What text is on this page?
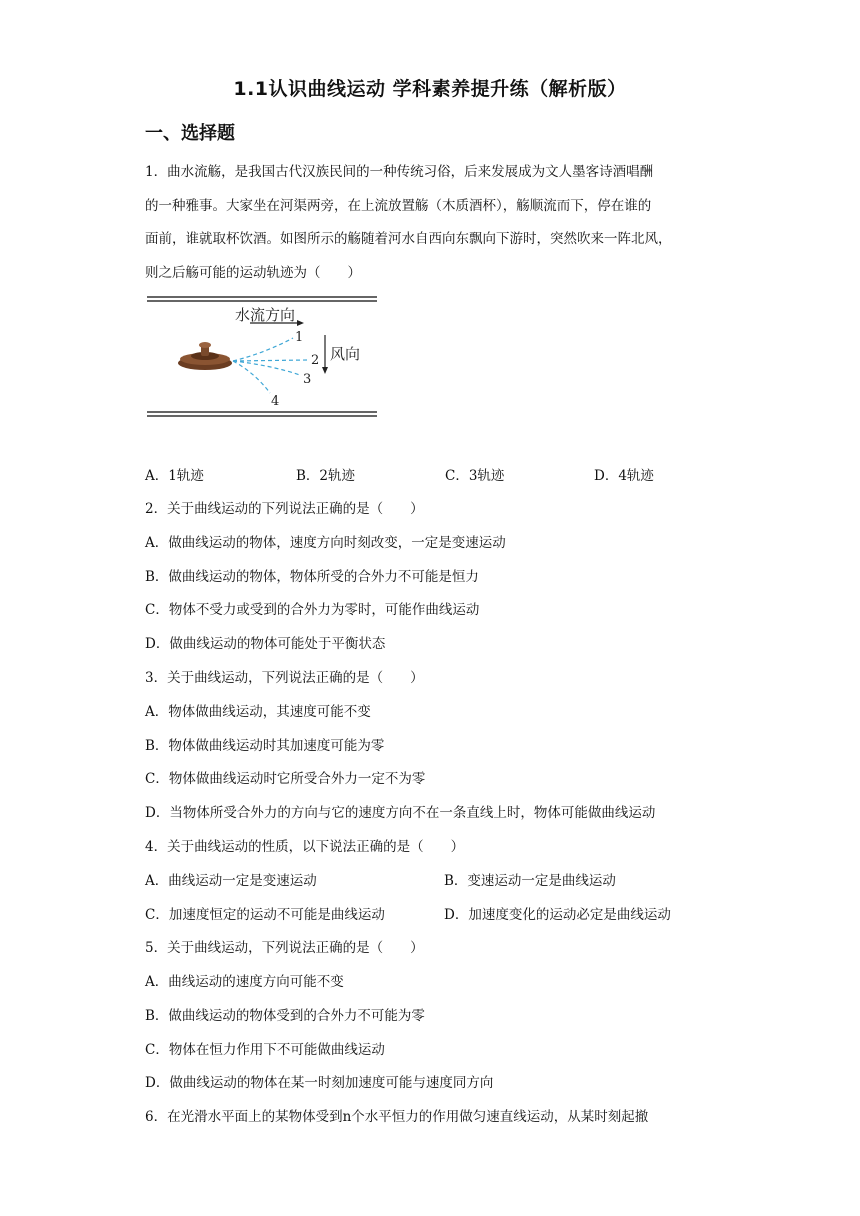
1.1认识曲线运动 学科素养提升练（解析版）
一、选择题
1．曲水流觞，是我国古代汉族民间的一种传统习俗，后来发展成为文人墨客诗酒唱酬
的一种雅事。大家坐在河渠两旁，在上流放置觞（木质酒杯），觞顺流而下，停在谁的
面前，谁就取杯饮酒。如图所示的觞随着河水自西向东飘向下游时，突然吹来一阵北风，
则之后觞可能的运动轨迹为（　　）
水流方向
风向
1
2
3
4
A．1轨迹	B．2轨迹	C．3轨迹	D．4轨迹
2．关于曲线运动的下列说法正确的是（　　）
A．做曲线运动的物体，速度方向时刻改变，一定是变速运动
B．做曲线运动的物体，物体所受的合外力不可能是恒力
C．物体不受力或受到的合外力为零时，可能作曲线运动
D．做曲线运动的物体可能处于平衡状态
3．关于曲线运动，下列说法正确的是（　　）
A．物体做曲线运动，其速度可能不变
B．物体做曲线运动时其加速度可能为零
C．物体做曲线运动时它所受合外力一定不为零
D．当物体所受合外力的方向与它的速度方向不在一条直线上时，物体可能做曲线运动
4．关于曲线运动的性质，以下说法正确的是（　　）
A．曲线运动一定是变速运动	B．变速运动一定是曲线运动
C．加速度恒定的运动不可能是曲线运动	D．加速度变化的运动必定是曲线运动
5．关于曲线运动，下列说法正确的是（　　）
A．曲线运动的速度方向可能不变
B．做曲线运动的物体受到的合外力不可能为零
C．物体在恒力作用下不可能做曲线运动
D．做曲线运动的物体在某一时刻加速度可能与速度同方向
6．在光滑水平面上的某物体受到n个水平恒力的作用做匀速直线运动，从某时刻起撤
